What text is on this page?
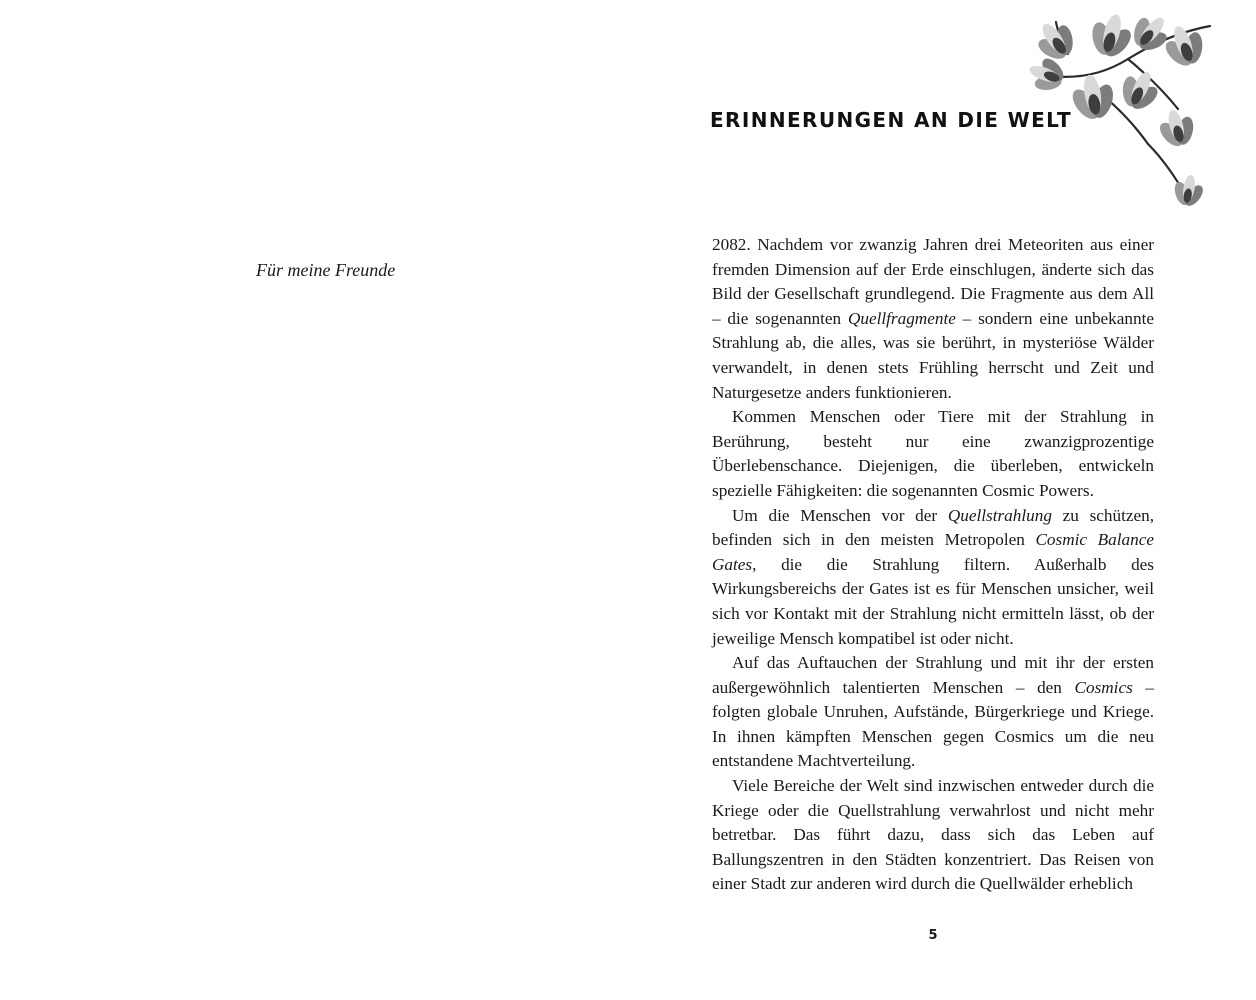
Für meine Freunde
ERINNERUNGEN AN DIE WELT

2082. Nachdem vor zwanzig Jahren drei Meteoriten aus einer fremden Dimension auf der Erde einschlugen, änderte sich das Bild der Gesellschaft grundlegend. Die Fragmente aus dem All – die sogenannten Quellfragmente – sondern eine unbekannte Strahlung ab, die alles, was sie berührt, in mysteriöse Wälder verwandelt, in denen stets Frühling herrscht und Zeit und Naturgesetze anders funktionieren.

Kommen Menschen oder Tiere mit der Strahlung in Berührung, besteht nur eine zwanzigprozentige Überlebenschance. Diejenigen, die überleben, entwickeln spezielle Fähigkeiten: die sogenannten Cosmic Powers.

Um die Menschen vor der Quellstrahlung zu schützen, befinden sich in den meisten Metropolen Cosmic Balance Gates, die die Strahlung filtern. Außerhalb des Wirkungsbereichs der Gates ist es für Menschen unsicher, weil sich vor Kontakt mit der Strahlung nicht ermitteln lässt, ob der jeweilige Mensch kompatibel ist oder nicht.

Auf das Auftauchen der Strahlung und mit ihr der ersten außergewöhnlich talentierten Menschen – den Cosmics – folgten globale Unruhen, Aufstände, Bürgerkriege und Kriege. In ihnen kämpften Menschen gegen Cosmics um die neu entstandene Machtverteilung.

Viele Bereiche der Welt sind inzwischen entweder durch die Kriege oder die Quellstrahlung verwahrlost und nicht mehr betretbar. Das führt dazu, dass sich das Leben auf Ballungszentren in den Städten konzentriert. Das Reisen von einer Stadt zur anderen wird durch die Quellwälder erheblich

5
